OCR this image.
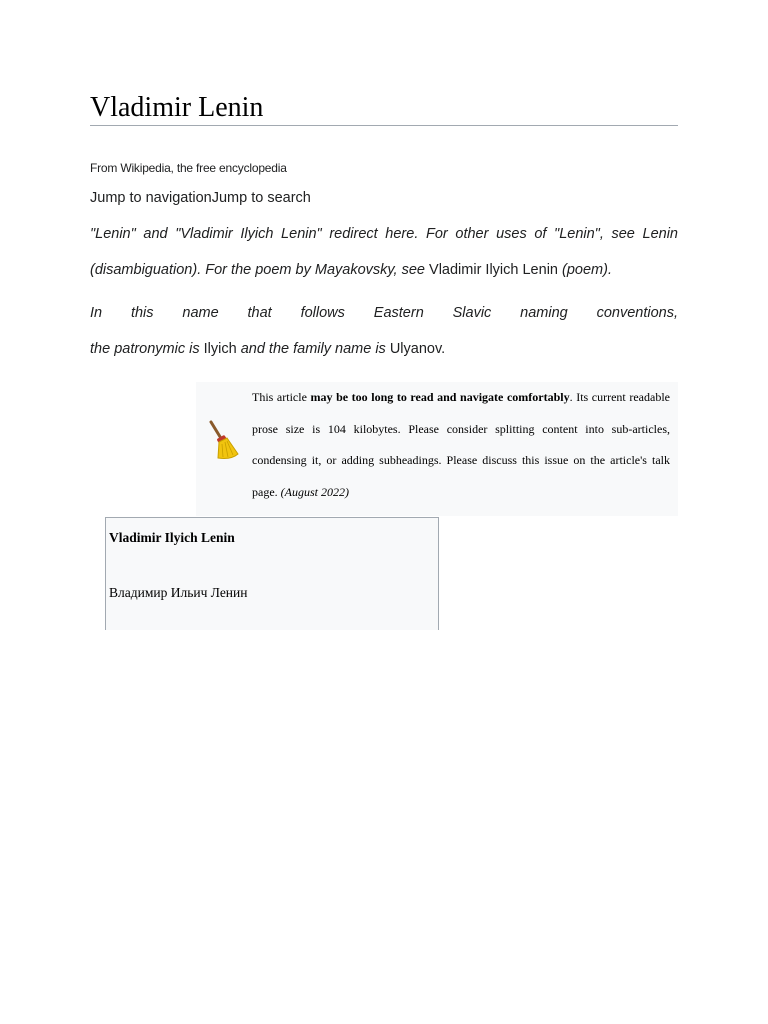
Vladimir Lenin
From Wikipedia, the free encyclopedia
Jump to navigationJump to search

"Lenin" and "Vladimir Ilyich Lenin" redirect here. For other uses of "Lenin", see Lenin (disambiguation). For the poem by Mayakovsky, see Vladimir Ilyich Lenin (poem).

In this name that follows Eastern Slavic naming conventions,
the patronymic is Ilyich and the family name is Ulyanov.

This article may be too long to read and navigate comfortably. Its current readable prose size is 104 kilobytes. Please consider splitting content into sub-articles, condensing it, or adding subheadings. Please discuss this issue on the article's talk page. (August 2022)

Vladimir Ilyich Lenin
Владимир Ильич Ленин
